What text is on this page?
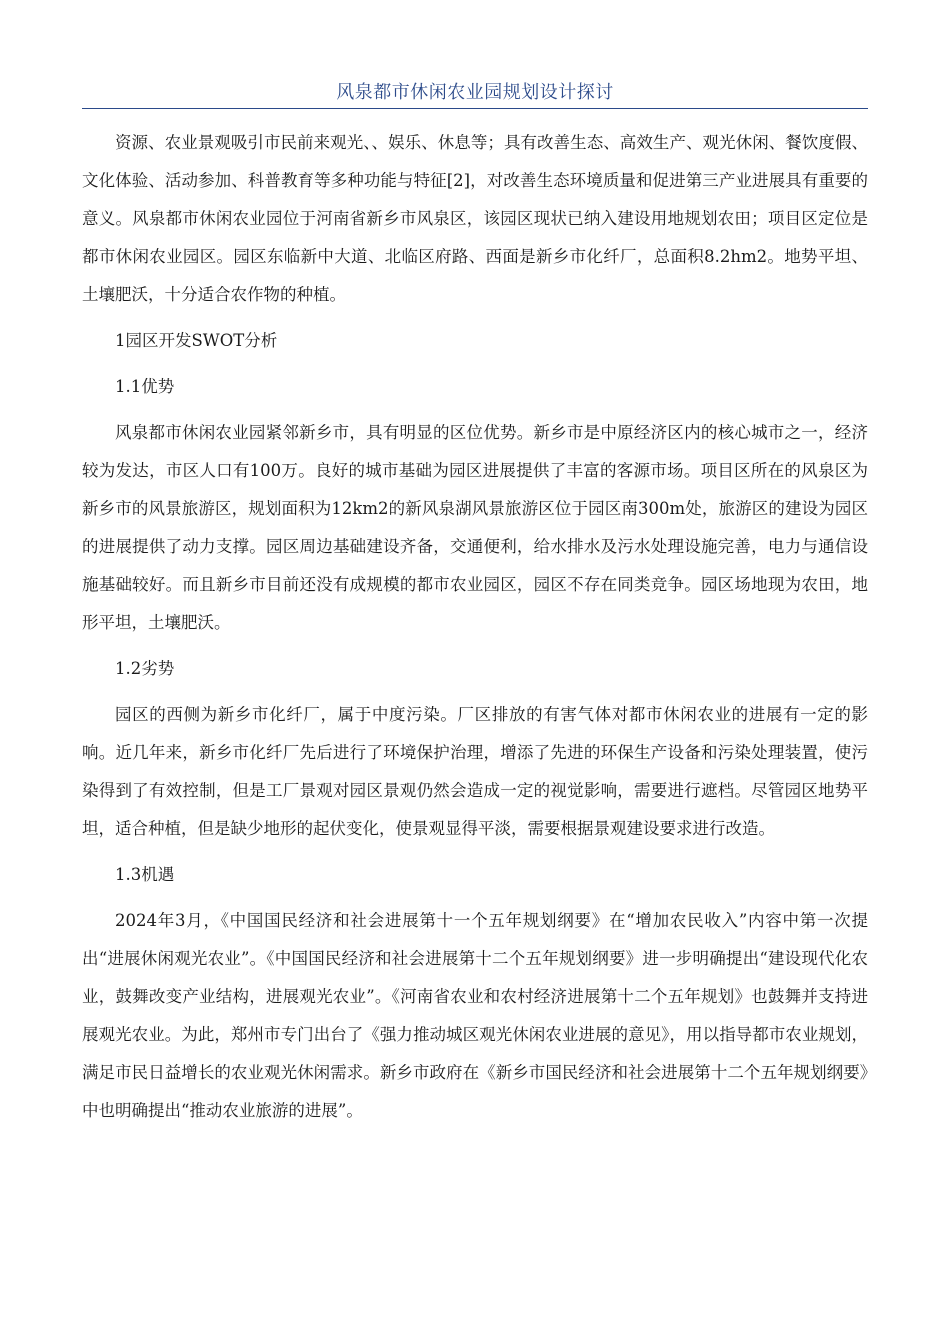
风泉都市休闲农业园规划设计探讨

资源、农业景观吸引市民前来观光、、娱乐、休息等；具有改善生态、高效生产、观光休闲、餐饮度假、文化体验、活动参加、科普教育等多种功能与特征[2]，对改善生态环境质量和促进第三产业进展具有重要的意义。风泉都市休闲农业园位于河南省新乡市风泉区，该园区现状已纳入建设用地规划农田；项目区定位是都市休闲农业园区。园区东临新中大道、北临区府路、西面是新乡市化纤厂，总面积8.2hm2。地势平坦、土壤肥沃，十分适合农作物的种植。

1园区开发SWOT分析

1.1优势

风泉都市休闲农业园紧邻新乡市，具有明显的区位优势。新乡市是中原经济区内的核心城市之一，经济较为发达，市区人口有100万。良好的城市基础为园区进展提供了丰富的客源市场。项目区所在的风泉区为新乡市的风景旅游区，规划面积为12km2的新风泉湖风景旅游区位于园区南300m处，旅游区的建设为园区的进展提供了动力支撑。园区周边基础建设齐备，交通便利，给水排水及污水处理设施完善，电力与通信设施基础较好。而且新乡市目前还没有成规模的都市农业园区，园区不存在同类竞争。园区场地现为农田，地形平坦，土壤肥沃。

1.2劣势

园区的西侧为新乡市化纤厂，属于中度污染。厂区排放的有害气体对都市休闲农业的进展有一定的影响。近几年来，新乡市化纤厂先后进行了环境保护治理，增添了先进的环保生产设备和污染处理装置，使污染得到了有效控制，但是工厂景观对园区景观仍然会造成一定的视觉影响，需要进行遮档。尽管园区地势平坦，适合种植，但是缺少地形的起伏变化，使景观显得平淡，需要根据景观建设要求进行改造。

1.3机遇

2024年3月，《中国国民经济和社会进展第十一个五年规划纲要》在“增加农民收入”内容中第一次提出“进展休闲观光农业”。《中国国民经济和社会进展第十二个五年规划纲要》进一步明确提出“建设现代化农业，鼓舞改变产业结构，进展观光农业”。《河南省农业和农村经济进展第十二个五年规划》也鼓舞并支持进展观光农业。为此，郑州市专门出台了《强力推动城区观光休闲农业进展的意见》，用以指导都市农业规划，满足市民日益增长的农业观光休闲需求。新乡市政府在《新乡市国民经济和社会进展第十二个五年规划纲要》中也明确提出“推动农业旅游的进展”。
